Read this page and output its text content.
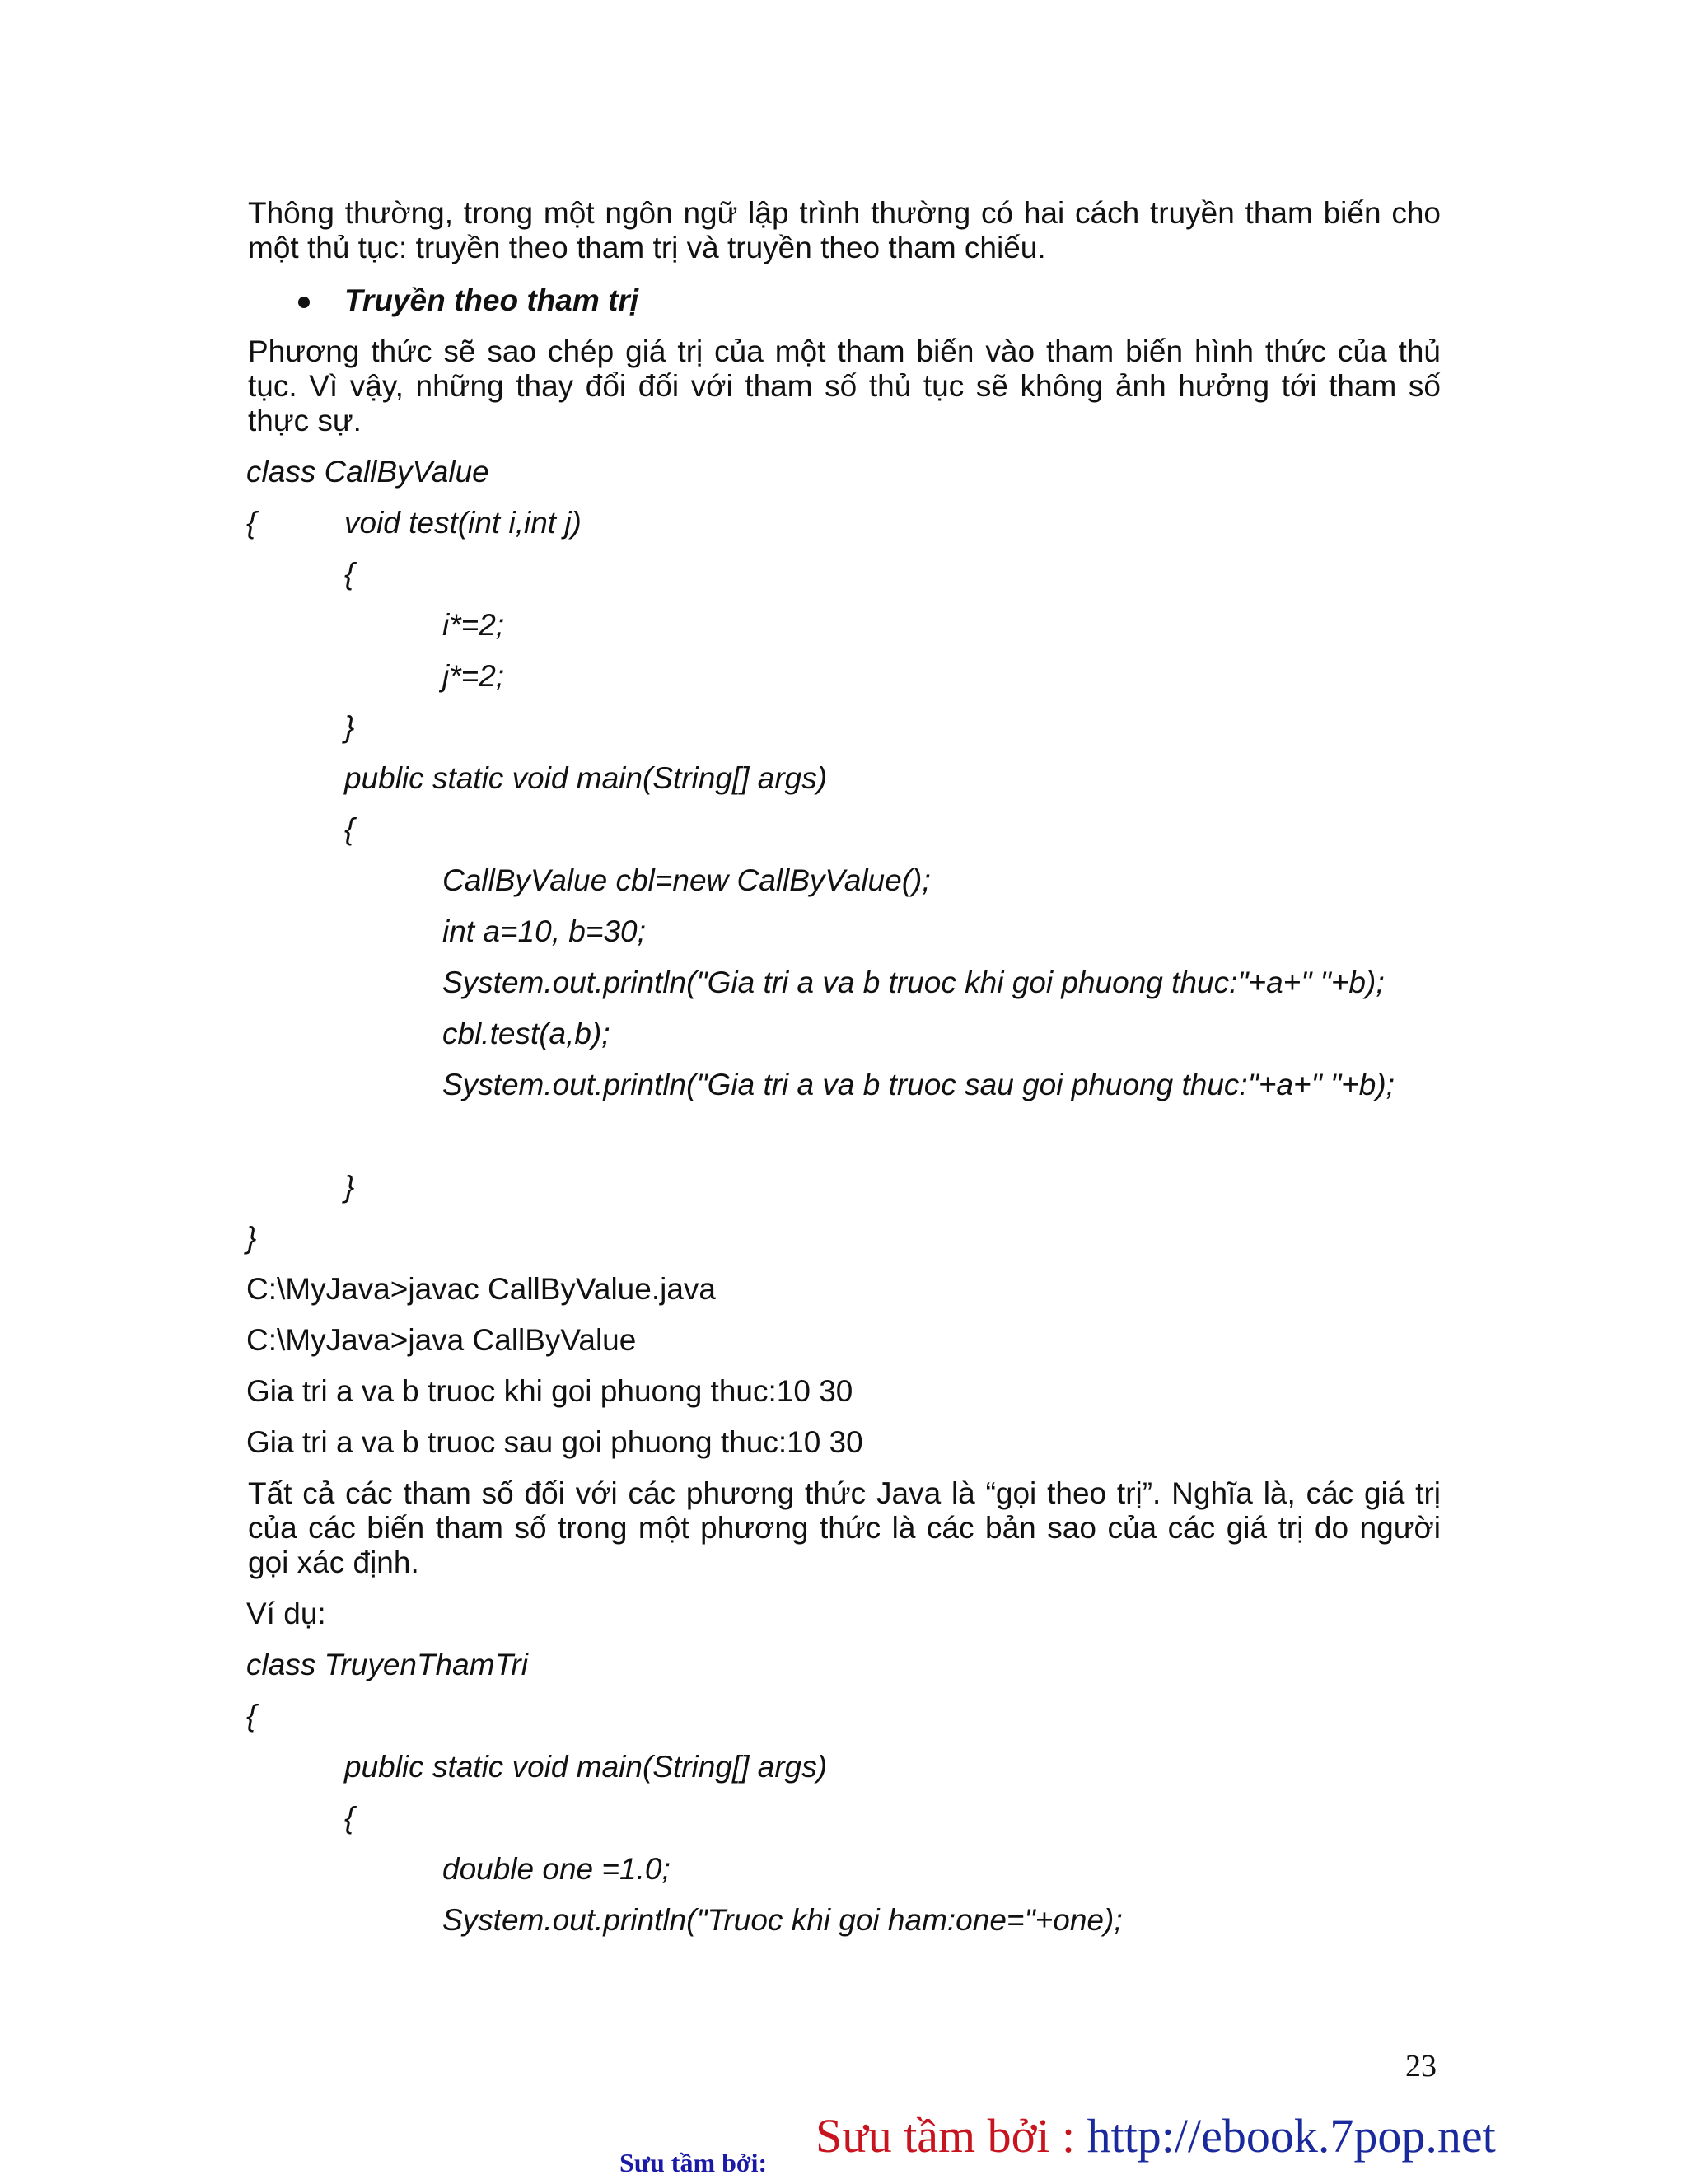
Thông thường, trong một ngôn ngữ lập trình thường có hai cách truyền tham biến cho một thủ tục: truyền theo tham trị và truyền theo tham chiếu.

Truyền theo tham trị

Phương thức sẽ sao chép giá trị của một tham biến vào tham biến hình thức của thủ tục. Vì vậy, những thay đổi đối với tham số thủ tục sẽ không ảnh hưởng tới tham số thực sự.

class CallByValue
{	void test(int i,int j)
{
i*=2;
j*=2;
}
public static void main(String[] args)
{
CallByValue cbl=new CallByValue();
int a=10, b=30;
System.out.println("Gia tri a va b truoc khi goi phuong thuc:"+a+" "+b);
cbl.test(a,b);
System.out.println("Gia tri a va b truoc sau goi phuong thuc:"+a+" "+b);
}
}
C:\MyJava>javac CallByValue.java
C:\MyJava>java CallByValue
Gia tri a va b truoc khi goi phuong thuc:10 30
Gia tri a va b truoc sau goi phuong thuc:10 30

Tất cả các tham số đối với các phương thức Java là “gọi theo trị”. Nghĩa là, các giá trị của các biến tham số trong một phương thức là các bản sao của các giá trị do người gọi xác định.

Ví dụ:
class TruyenThamTri
{
public static void main(String[] args)
{
double one =1.0;
System.out.println("Truoc khi goi ham:one="+one);
23
Sưu tầm bởi: Sưu tầm bởi : http://ebook.7pop.net
